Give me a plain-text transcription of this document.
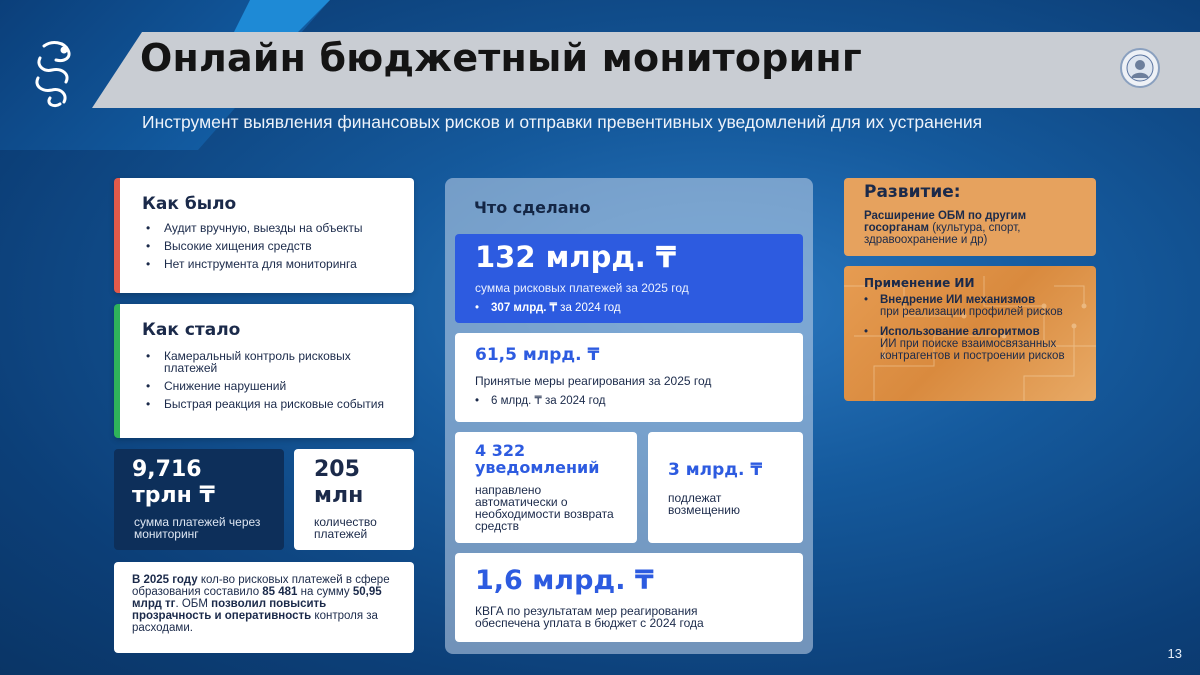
Онлайн бюджетный мониторинг
Инструмент выявления финансовых рисков и отправки превентивных уведомлений для их устранения
Как было
• Аудит вручную, выезды на объекты
• Высокие хищения средств
• Нет инструмента для мониторинга
Как стало
• Камеральный контроль рисковых платежей
• Снижение нарушений
• Быстрая реакция на рисковые события
9,716
трлн ₸
сумма платежей через мониторинг
205
млн
количество платежей
В 2025 году кол-во рисковых платежей в сфере образования составило 85 481 на сумму 50,95 млрд тг. ОБМ позволил повысить прозрачность и оперативность контроля за расходами.
Что сделано
132 млрд. ₸
сумма рисковых платежей за 2025 год
• 307 млрд. ₸ за 2024 год
61,5 млрд. ₸
Принятые меры реагирования за 2025 год
• 6 млрд. ₸ за 2024 год
4 322 уведомлений
направлено автоматически о необходимости возврата средств
3 млрд. ₸
подлежат возмещению
1,6 млрд. ₸
КВГА по результатам мер реагирования обеспечена уплата в бюджет с 2024 года
Развитие:
Расширение ОБМ по другим госорганам (культура, спорт, здравоохранение и др)
Применение ИИ
• Внедрение ИИ механизмов
при реализации профилей рисков
• Использование алгоритмов
ИИ при поиске взаимосвязанных контрагентов и построении рисков
13
